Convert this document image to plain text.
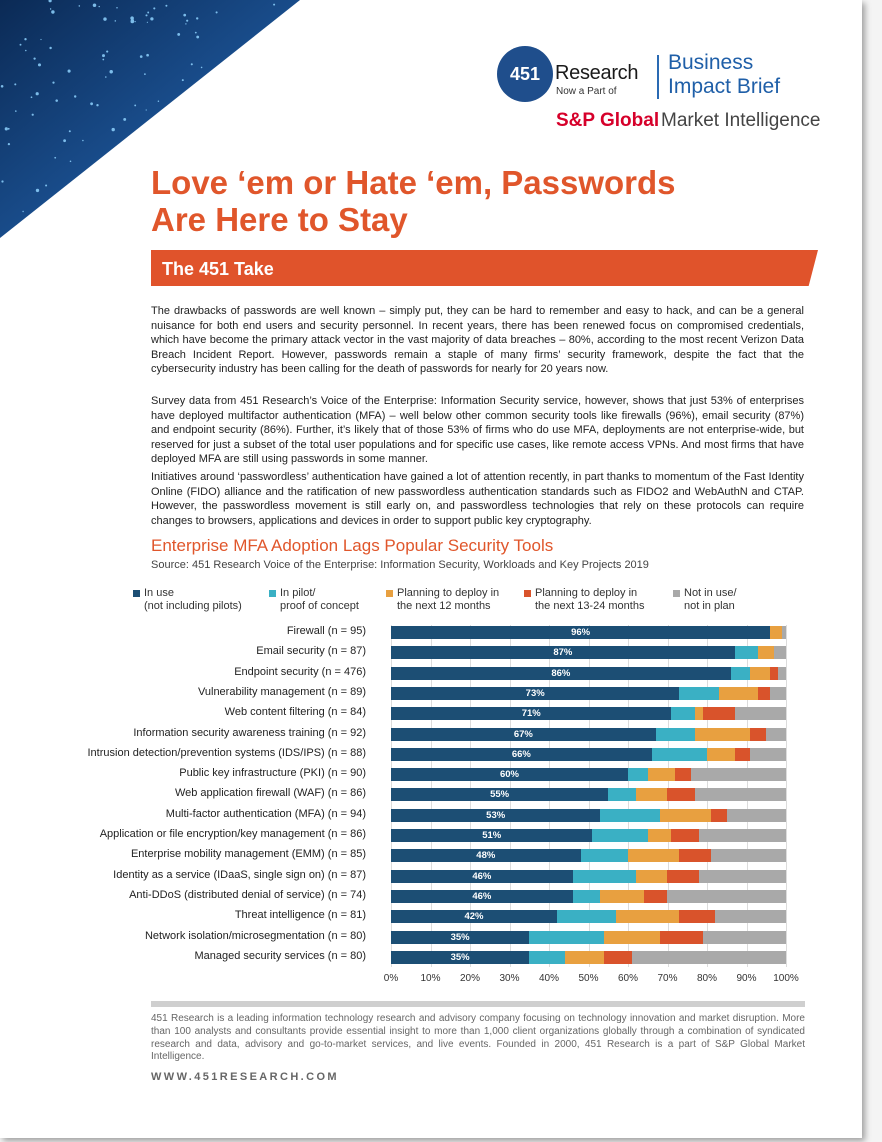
451 Research
Now a Part of
Business
Impact Brief
S&P Global Market Intelligence
Love ‘em or Hate ‘em, Passwords
Are Here to Stay
The 451 Take

The drawbacks of passwords are well known – simply put, they can be hard to remember and easy to hack, and can be a general nuisance for both end users and security personnel. In recent years, there has been renewed focus on compromised credentials, which have become the primary attack vector in the vast majority of data breaches – 80%, according to the most recent Verizon Data Breach Incident Report. However, passwords remain a staple of many firms’ security framework, despite the fact that the cybersecurity industry has been calling for the death of passwords for nearly for 20 years now.

Survey data from 451 Research’s Voice of the Enterprise: Information Security service, however, shows that just 53% of enterprises have deployed multifactor authentication (MFA) – well below other common security tools like firewalls (96%), email security (87%) and endpoint security (86%). Further, it’s likely that of those 53% of firms who do use MFA, deployments are not enterprise-wide, but reserved for just a subset of the total user populations and for specific use cases, like remote access VPNs. And most firms that have deployed MFA are still using passwords in some manner.

Initiatives around ‘passwordless’ authentication have gained a lot of attention recently, in part thanks to momentum of the Fast Identity Online (FIDO) alliance and the ratification of new passwordless authentication standards such as FIDO2 and WebAuthN and CTAP. However, the passwordless movement is still early on, and passwordless technologies that rely on these protocols can require changes to browsers, applications and devices in order to support public key cryptography.

Enterprise MFA Adoption Lags Popular Security Tools
Source: 451 Research Voice of the Enterprise: Information Security, Workloads and Key Projects 2019
In use
(not including pilots)
In pilot/
proof of concept
Planning to deploy in
the next 12 months
Planning to deploy in
the next 13-24 months
Not in use/
not in plan
0% 10% 20% 30% 40% 50% 60% 70% 80% 90% 100%
Firewall (n = 95)	96%
Email security (n = 87)	87%
Endpoint security (n = 476)	86%
Vulnerability management (n = 89)	73%
Web content filtering (n = 84)	71%
Information security awareness training (n = 92)	67%
Intrusion detection/prevention systems (IDS/IPS) (n = 88)	66%
Public key infrastructure (PKI) (n = 90)	60%
Web application firewall (WAF) (n = 86)	55%
Multi-factor authentication (MFA) (n = 94)	53%
Application or file encryption/key management (n = 86)	51%
Enterprise mobility management (EMM) (n = 85)	48%
Identity as a service (IDaaS, single sign on) (n = 87)	46%
Anti-DDoS (distributed denial of service) (n = 74)	46%
Threat intelligence (n = 81)	42%
Network isolation/microsegmentation (n = 80)	35%
Managed security services (n = 80)	35%

451 Research is a leading information technology research and advisory company focusing on technology innovation and market disruption. More than 100 analysts and consultants provide essential insight to more than 1,000 client organizations globally through a combination of syndicated research and data, advisory and go-to-market services, and live events. Founded in 2000, 451 Research is a part of S&P Global Market Intelligence.

WWW.451RESEARCH.COM
